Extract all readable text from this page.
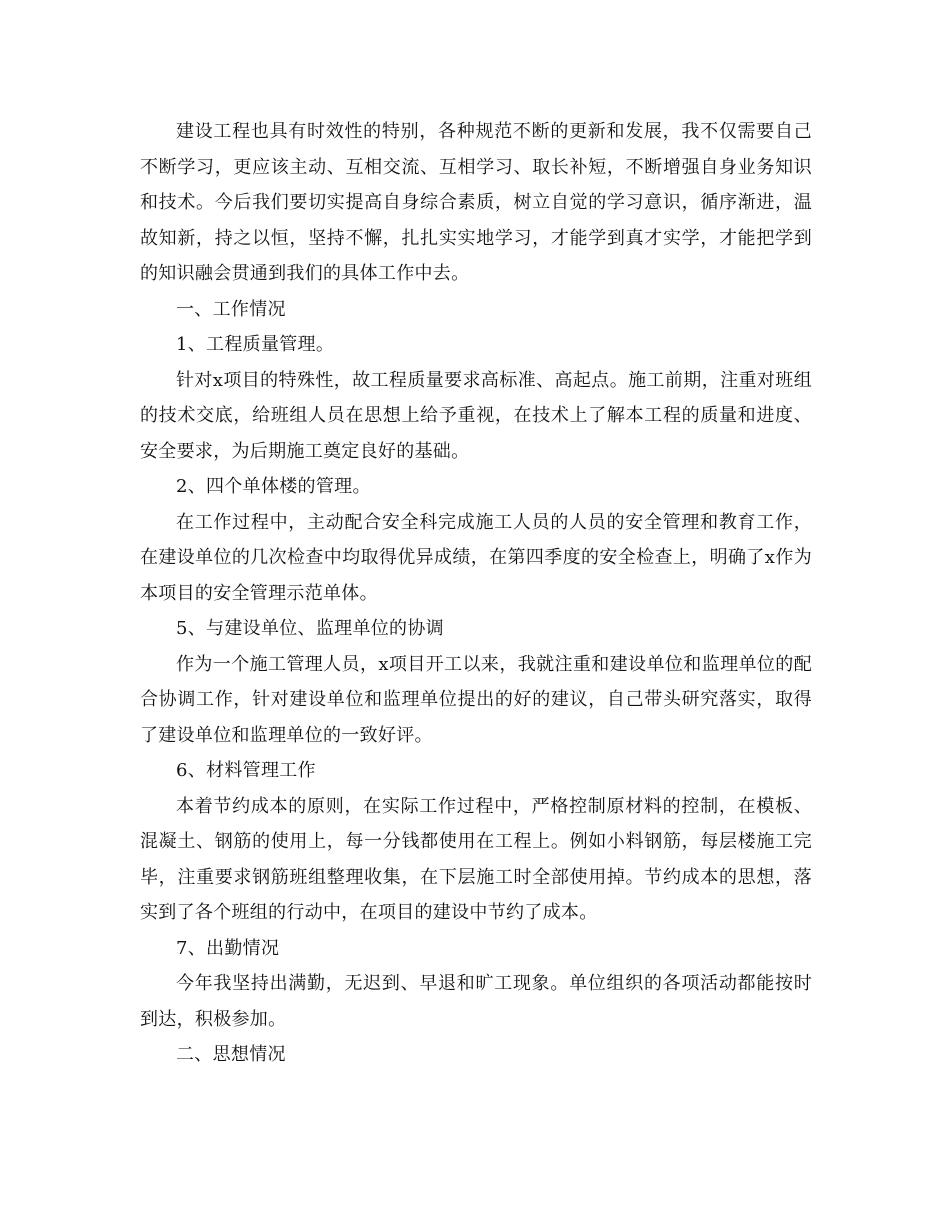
建设工程也具有时效性的特别，各种规范不断的更新和发展，我不仅需要自己不断学习，更应该主动、互相交流、互相学习、取长补短，不断增强自身业务知识和技术。今后我们要切实提高自身综合素质，树立自觉的学习意识，循序渐进，温故知新，持之以恒，坚持不懈，扎扎实实地学习，才能学到真才实学，才能把学到的知识融会贯通到我们的具体工作中去。

一、工作情况

1、工程质量管理。

针对x项目的特殊性，故工程质量要求高标准、高起点。施工前期，注重对班组的技术交底，给班组人员在思想上给予重视，在技术上了解本工程的质量和进度、安全要求，为后期施工奠定良好的基础。

2、四个单体楼的管理。

在工作过程中，主动配合安全科完成施工人员的人员的安全管理和教育工作，在建设单位的几次检查中均取得优异成绩，在第四季度的安全检查上，明确了x作为本项目的安全管理示范单体。

5、与建设单位、监理单位的协调

作为一个施工管理人员，x项目开工以来，我就注重和建设单位和监理单位的配合协调工作，针对建设单位和监理单位提出的好的建议，自己带头研究落实，取得了建设单位和监理单位的一致好评。

6、材料管理工作

本着节约成本的原则，在实际工作过程中，严格控制原材料的控制，在模板、混凝土、钢筋的使用上，每一分钱都使用在工程上。例如小料钢筋，每层楼施工完毕，注重要求钢筋班组整理收集，在下层施工时全部使用掉。节约成本的思想，落实到了各个班组的行动中，在项目的建设中节约了成本。

7、出勤情况

今年我坚持出满勤，无迟到、早退和旷工现象。单位组织的各项活动都能按时到达，积极参加。

二、思想情况
